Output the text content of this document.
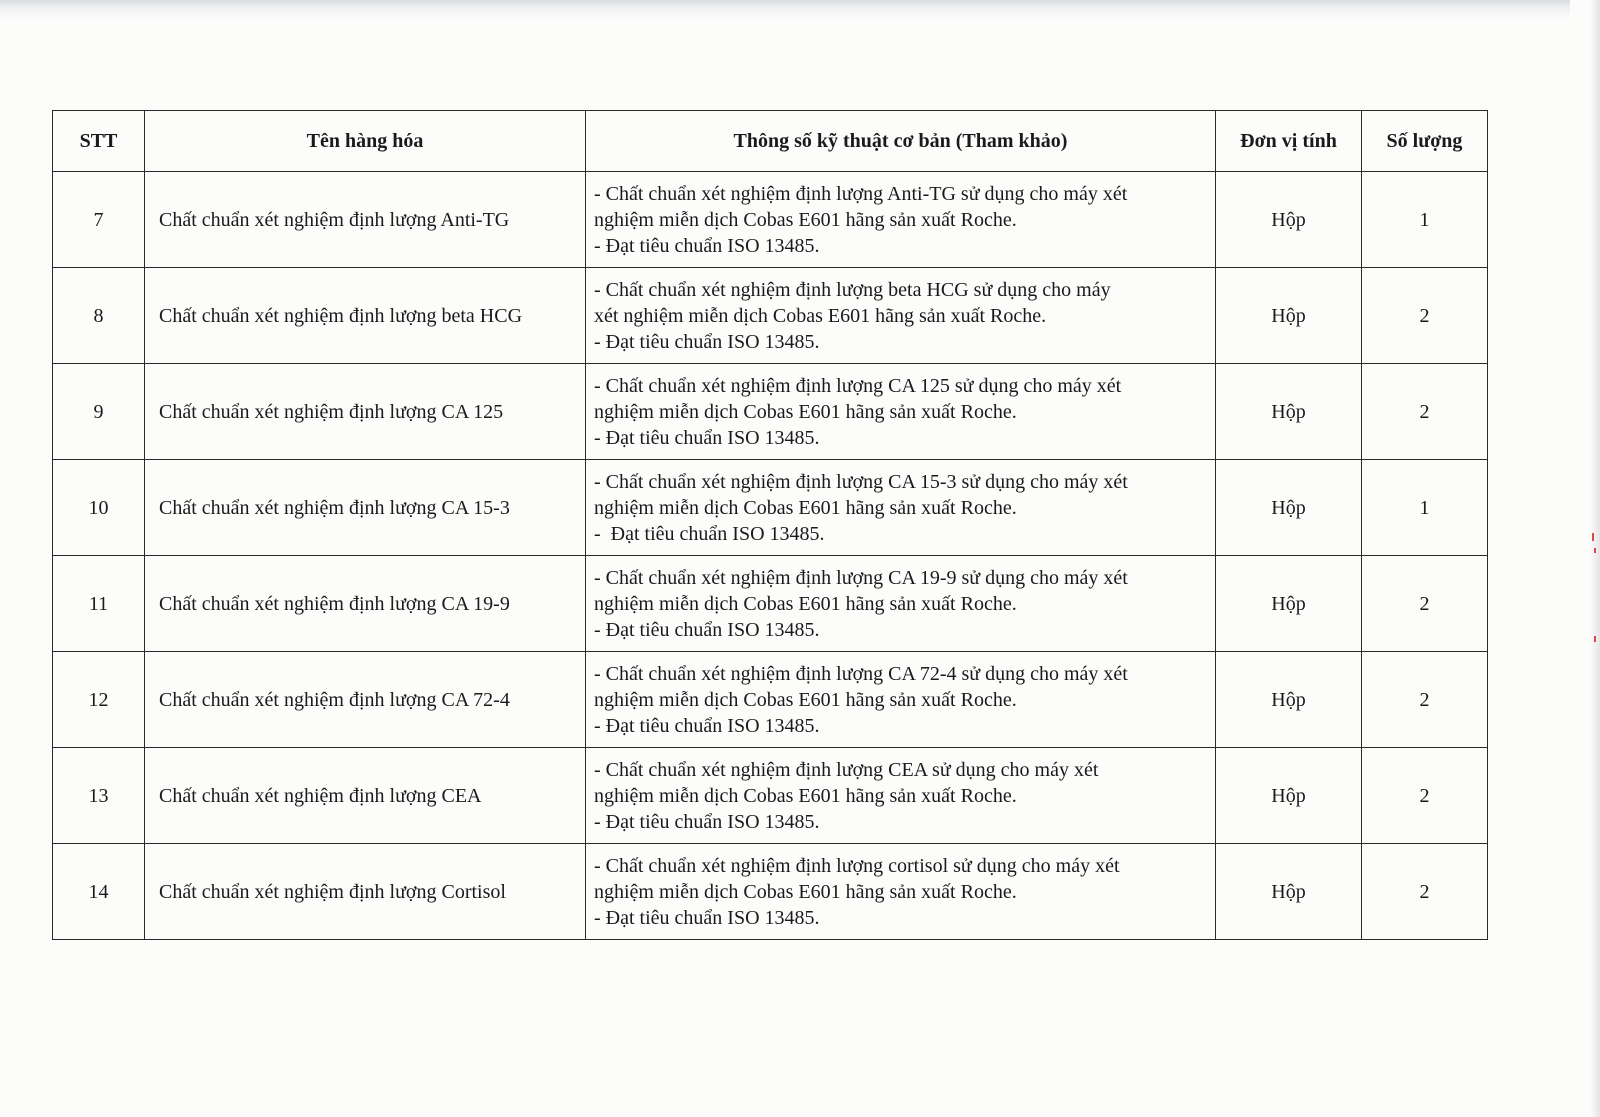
STT	Tên hàng hóa	Thông số kỹ thuật cơ bản (Tham khảo)	Đơn vị tính	Số lượng
7	Chất chuẩn xét nghiệm định lượng Anti-TG	- Chất chuẩn xét nghiệm định lượng Anti-TG sử dụng cho máy xét
nghiệm miễn dịch Cobas E601 hãng sản xuất Roche.
- Đạt tiêu chuẩn ISO 13485.	Hộp	1
8	Chất chuẩn xét nghiệm định lượng beta HCG	- Chất chuẩn xét nghiệm định lượng beta HCG sử dụng cho máy
xét nghiệm miễn dịch Cobas E601 hãng sản xuất Roche.
- Đạt tiêu chuẩn ISO 13485.	Hộp	2
9	Chất chuẩn xét nghiệm định lượng CA 125	- Chất chuẩn xét nghiệm định lượng CA 125 sử dụng cho máy xét
nghiệm miễn dịch Cobas E601 hãng sản xuất Roche.
- Đạt tiêu chuẩn ISO 13485.	Hộp	2
10	Chất chuẩn xét nghiệm định lượng CA 15-3	- Chất chuẩn xét nghiệm định lượng CA 15-3 sử dụng cho máy xét
nghiệm miễn dịch Cobas E601 hãng sản xuất Roche.
-  Đạt tiêu chuẩn ISO 13485.	Hộp	1
11	Chất chuẩn xét nghiệm định lượng CA 19-9	- Chất chuẩn xét nghiệm định lượng CA 19-9 sử dụng cho máy xét
nghiệm miễn dịch Cobas E601 hãng sản xuất Roche.
- Đạt tiêu chuẩn ISO 13485.	Hộp	2
12	Chất chuẩn xét nghiệm định lượng CA 72-4	- Chất chuẩn xét nghiệm định lượng CA 72-4 sử dụng cho máy xét
nghiệm miễn dịch Cobas E601 hãng sản xuất Roche.
- Đạt tiêu chuẩn ISO 13485.	Hộp	2
13	Chất chuẩn xét nghiệm định lượng CEA	- Chất chuẩn xét nghiệm định lượng CEA sử dụng cho máy xét
nghiệm miễn dịch Cobas E601 hãng sản xuất Roche.
- Đạt tiêu chuẩn ISO 13485.	Hộp	2
14	Chất chuẩn xét nghiệm định lượng Cortisol	- Chất chuẩn xét nghiệm định lượng cortisol sử dụng cho máy xét
nghiệm miễn dịch Cobas E601 hãng sản xuất Roche.
- Đạt tiêu chuẩn ISO 13485.	Hộp	2
